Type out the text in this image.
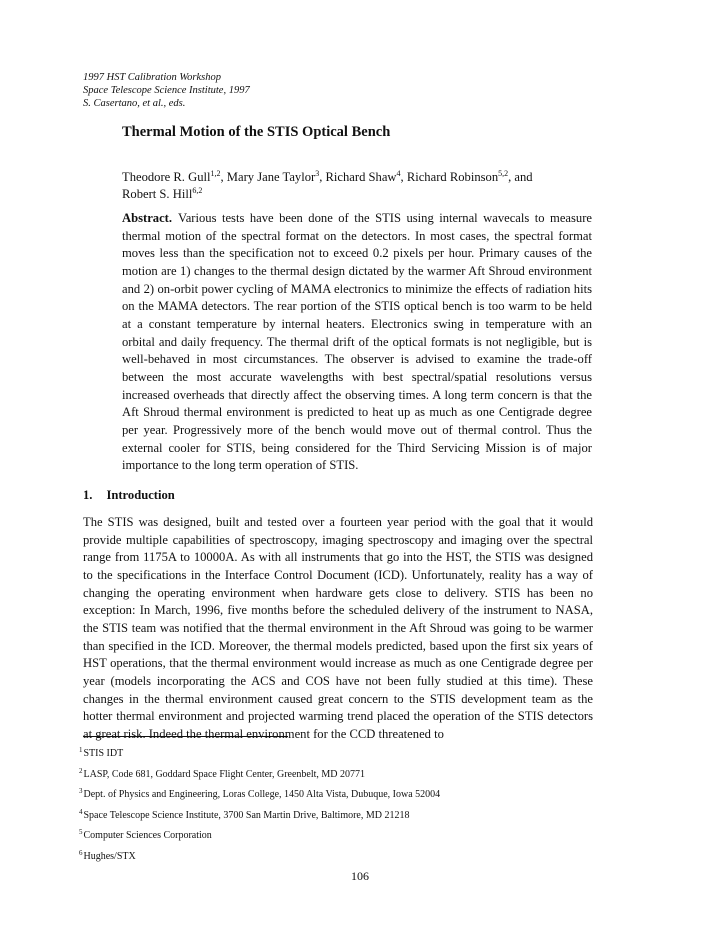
1997 HST Calibration Workshop
Space Telescope Science Institute, 1997
S. Casertano, et al., eds.
Thermal Motion of the STIS Optical Bench
Theodore R. Gull$^{1,2}$, Mary Jane Taylor$^3$, Richard Shaw$^4$, Richard Robinson$^{5,2}$, and
Robert S. Hill$^{6,2}$
Abstract. Various tests have been done of the STIS using internal wavecals to measure thermal motion of the spectral format on the detectors. In most cases, the spectral format moves less than the specification not to exceed 0.2 pixels per hour. Primary causes of the motion are 1) changes to the thermal design dictated by the warmer Aft Shroud environment and 2) on-orbit power cycling of MAMA electronics to minimize the effects of radiation hits on the MAMA detectors. The rear portion of the STIS optical bench is too warm to be held at a constant temperature by internal heaters. Electronics swing in temperature with an orbital and daily frequency. The thermal drift of the optical formats is not negligible, but is well-behaved in most circumstances. The observer is advised to examine the trade-off between the most accurate wavelengths with best spectral/spatial resolutions versus increased overheads that directly affect the observing times. A long term concern is that the Aft Shroud thermal environment is predicted to heat up as much as one Centigrade degree per year. Progressively more of the bench would move out of thermal control. Thus the external cooler for STIS, being considered for the Third Servicing Mission is of major importance to the long term operation of STIS.
1. Introduction
The STIS was designed, built and tested over a fourteen year period with the goal that it would provide multiple capabilities of spectroscopy, imaging spectroscopy and imaging over the spectral range from 1175A to 10000A. As with all instruments that go into the HST, the STIS was designed to the specifications in the Interface Control Document (ICD). Unfortunately, reality has a way of changing the operating environment when hardware gets close to delivery. STIS has been no exception: In March, 1996, five months before the scheduled delivery of the instrument to NASA, the STIS team was notified that the thermal environment in the Aft Shroud was going to be warmer than specified in the ICD. Moreover, the thermal models predicted, based upon the first six years of HST operations, that the thermal environment would increase as much as one Centigrade degree per year (models incorporating the ACS and COS have not been fully studied at this time). These changes in the thermal environment caused great concern to the STIS development team as the hotter thermal environment and projected warming trend placed the operation of the STIS detectors at great risk. Indeed the thermal environment for the CCD threatened to
$^1$STIS IDT
$^2$LASP, Code 681, Goddard Space Flight Center, Greenbelt, MD 20771
$^3$Dept. of Physics and Engineering, Loras College, 1450 Alta Vista, Dubuque, Iowa 52004
$^4$Space Telescope Science Institute, 3700 San Martin Drive, Baltimore, MD 21218
$^5$Computer Sciences Corporation
$^6$Hughes/STX
106
